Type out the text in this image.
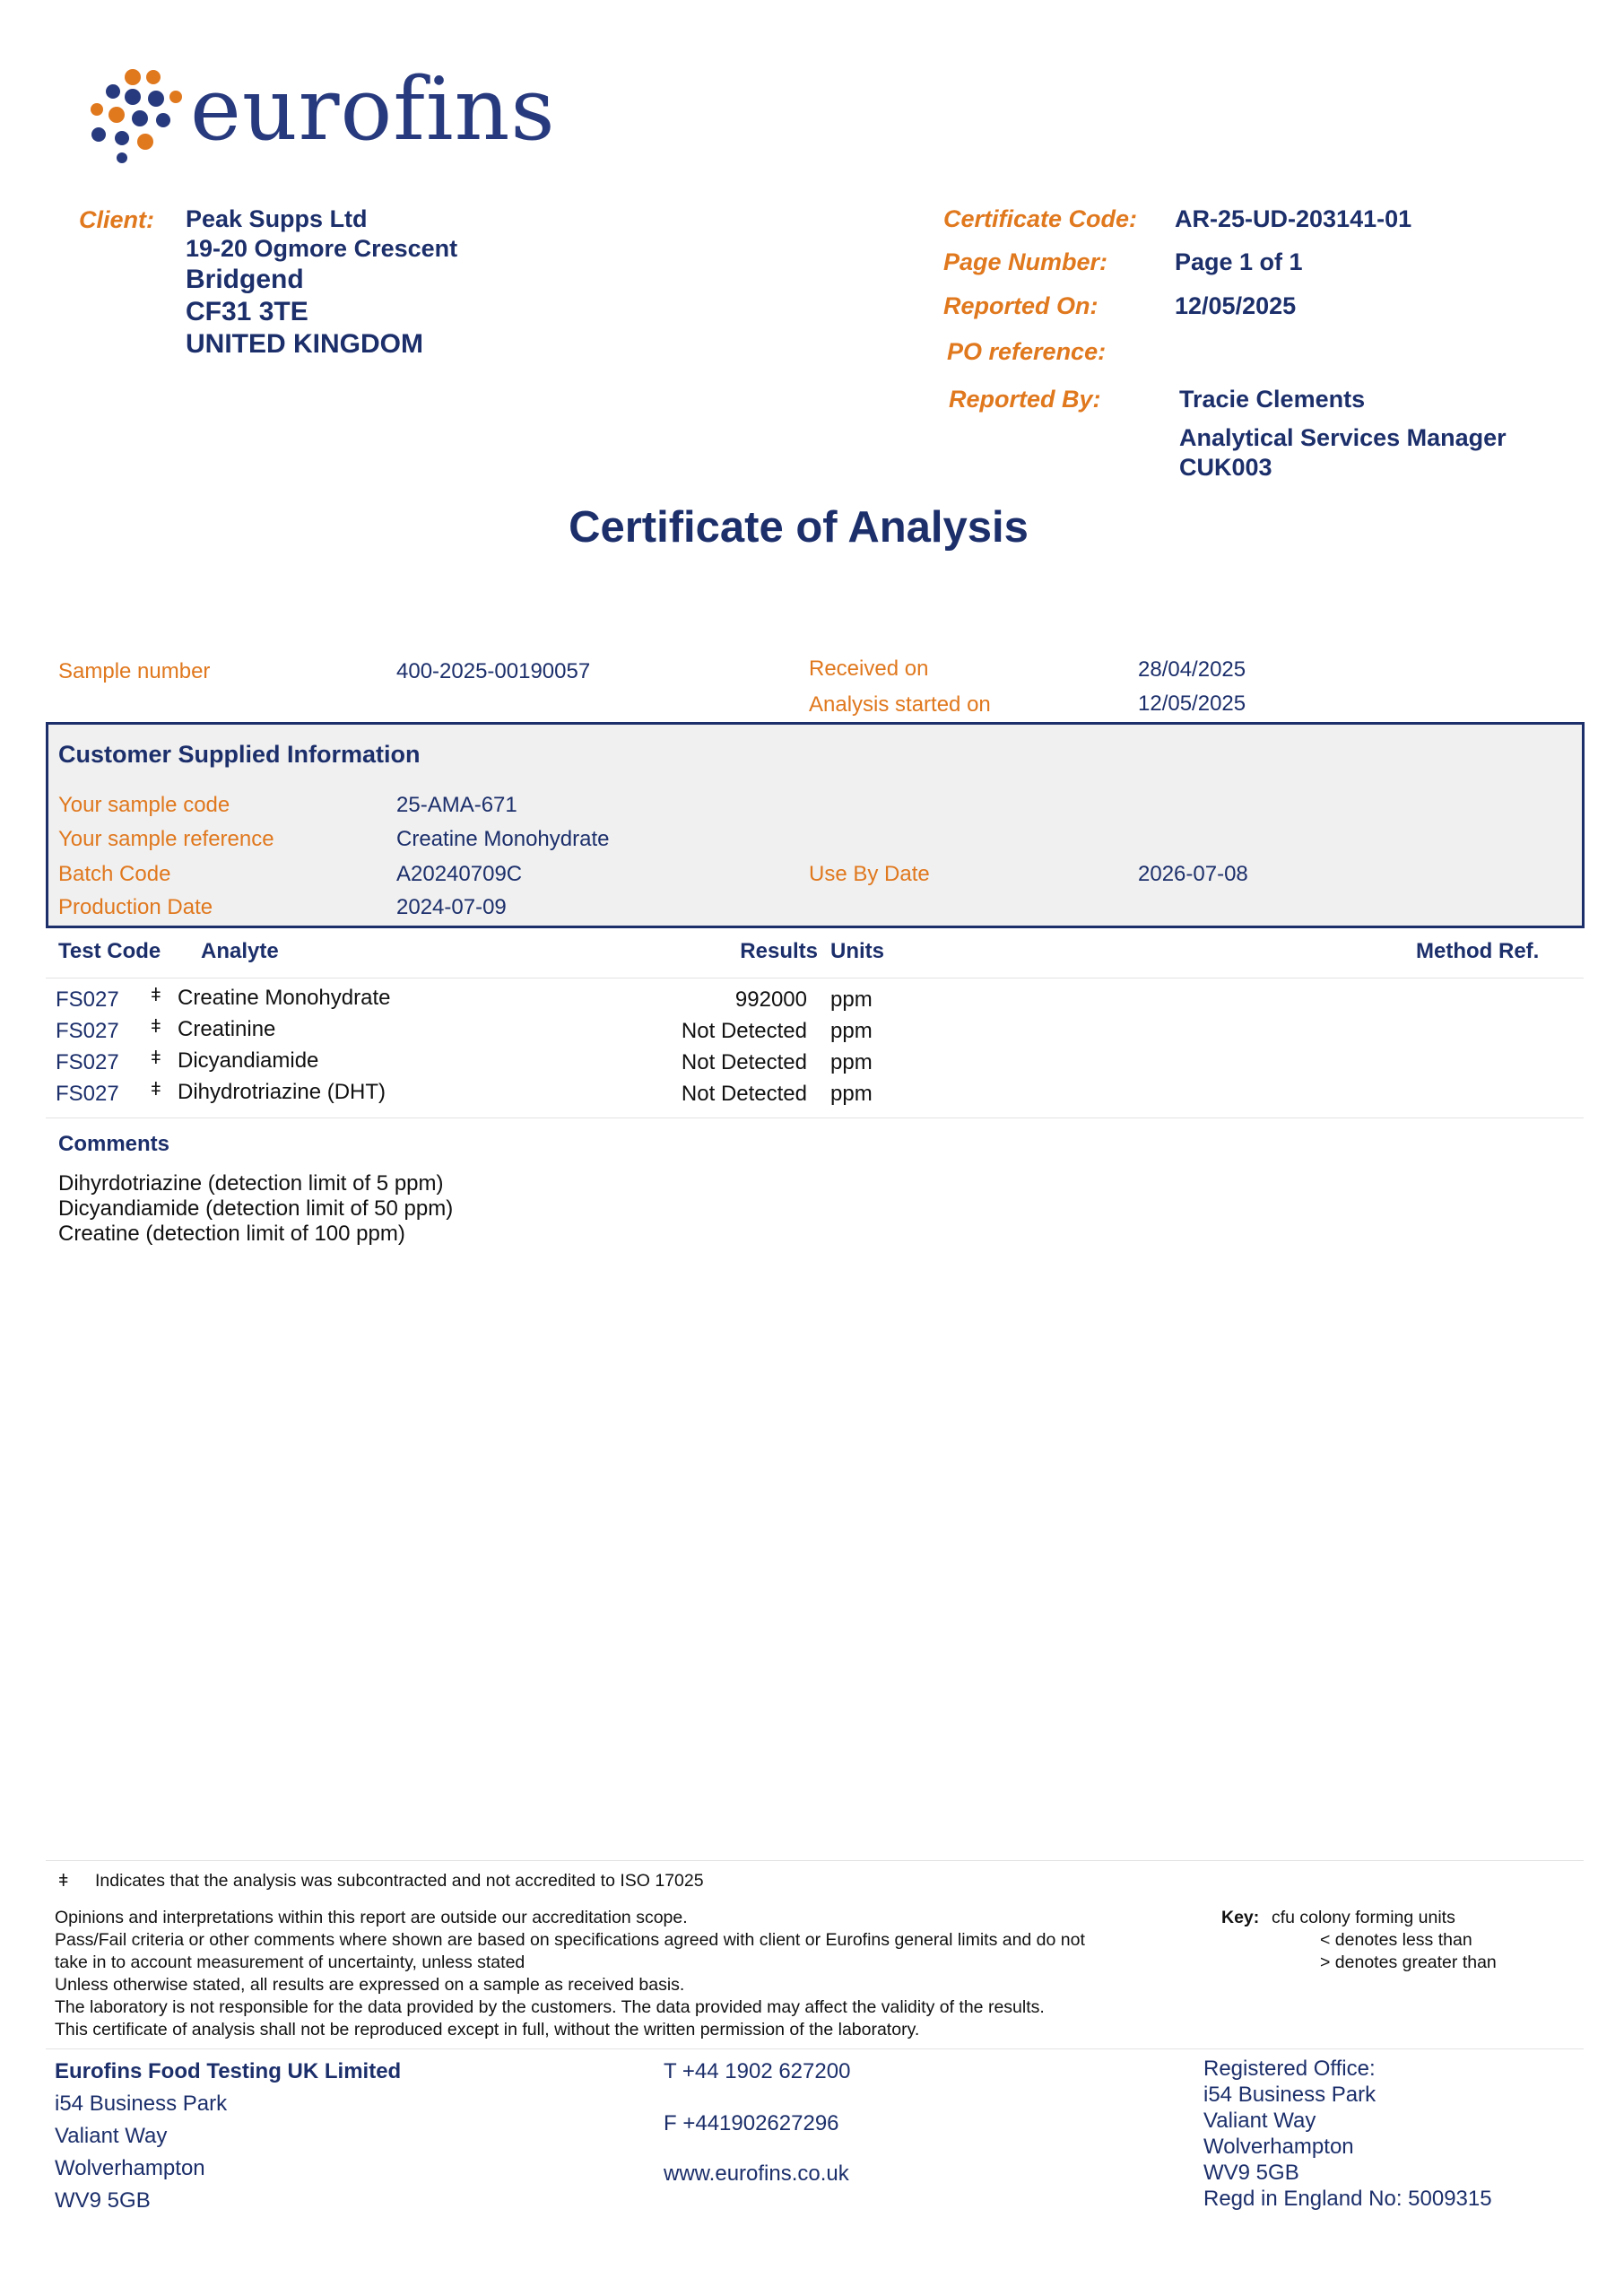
eurofins
Client: Peak Supps Ltd
19-20 Ogmore Crescent
Bridgend
CF31 3TE
UNITED KINGDOM
Certificate Code: AR-25-UD-203141-01
Page Number:	Page 1 of 1
Reported On:	12/05/2025
PO reference:
Reported By:	Tracie Clements
Analytical Services Manager
CUK003
Certificate of Analysis
Sample number	400-2025-00190057	Received on	28/04/2025
Analysis started on	12/05/2025
Customer Supplied Information
Your sample code	25-AMA-671
Your sample reference	Creatine Monohydrate
Batch Code	A20240709C	Use By Date	2026-07-08
Production Date	2024-07-09
Test Code Analyte	Results Units	Method Ref.
FS027 ǂ Creatine Monohydrate	992000 ppm
FS027 ǂ Creatinine	Not Detected ppm
FS027 ǂ Dicyandiamide	Not Detected ppm
FS027 ǂ Dihydrotriazine (DHT)	Not Detected ppm
Comments
Dihyrdotriazine (detection limit of 5 ppm)
Dicyandiamide (detection limit of 50 ppm)
Creatine (detection limit of 100 ppm)
ǂ Indicates that the analysis was subcontracted and not accredited to ISO 17025
Opinions and interpretations within this report are outside our accreditation scope.
Pass/Fail criteria or other comments where shown are based on specifications agreed with client or Eurofins general limits and do not
take in to account measurement of uncertainty, unless stated
Unless otherwise stated, all results are expressed on a sample as received basis.
The laboratory is not responsible for the data provided by the customers. The data provided may affect the validity of the results.
This certificate of analysis shall not be reproduced except in full, without the written permission of the laboratory.
Key: cfu colony forming units
< denotes less than
> denotes greater than
Eurofins Food Testing UK Limited
i54 Business Park
Valiant Way
Wolverhampton
WV9 5GB
T +44 1902 627200
F +441902627296
www.eurofins.co.uk
Registered Office:
i54 Business Park
Valiant Way
Wolverhampton
WV9 5GB
Regd in England No: 5009315
